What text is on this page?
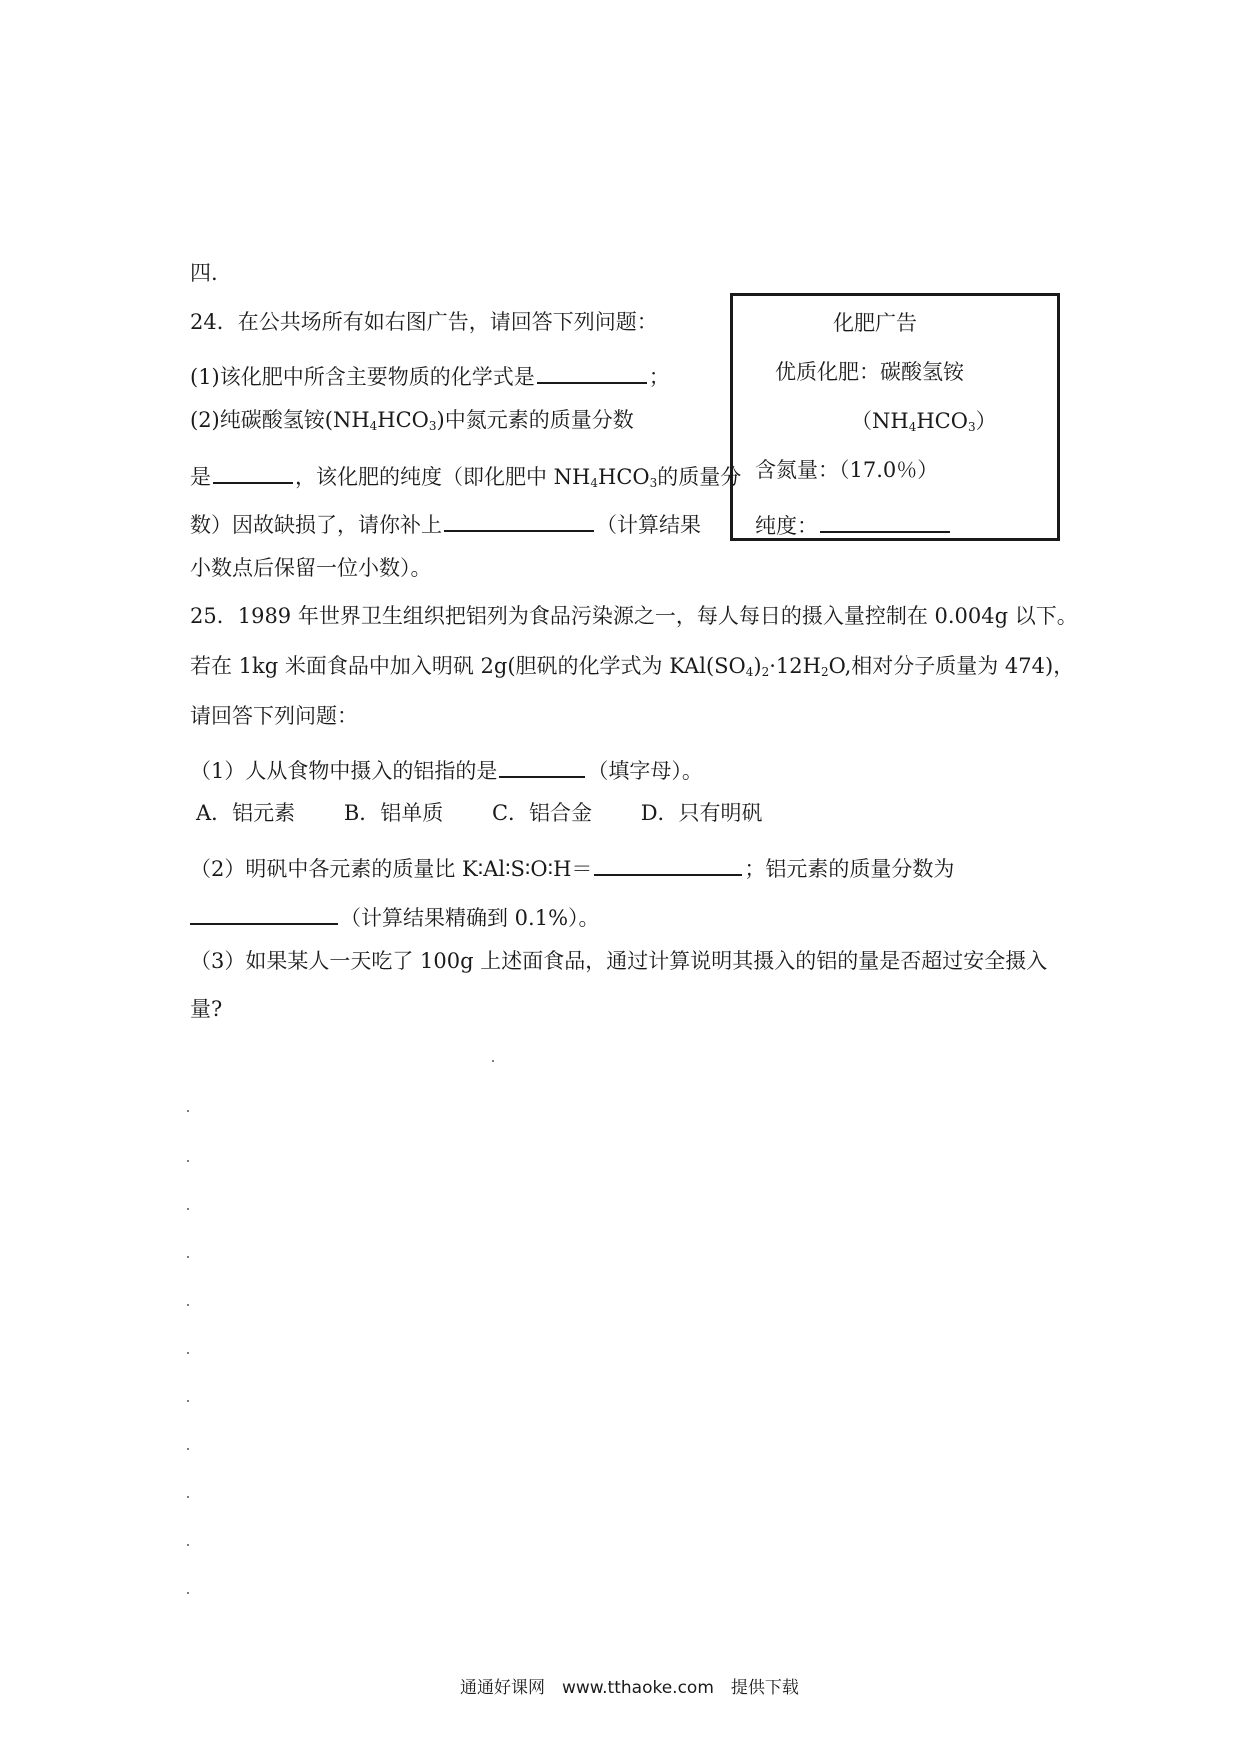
四.
24．在公共场所有如右图广告，请回答下列问题：
(1)该化肥中所含主要物质的化学式是	；
(2)纯碳酸氢铵$(NH_4HCO_3)$中氮元素的质量分数
是	，该化肥的纯度（即化肥中 $NH_4HCO_3$的质量分
数）因故缺损了，请你补上	（计算结果
小数点后保留一位小数）。
化肥广告
优质化肥：碳酸氢铵
$(NH_4HCO_3)$
含氮量：（17.0％）
纯度：
25．1989 年世界卫生组织把铝列为食品污染源之一，每人每日的摄入量控制在 0.004g 以下。
若在 1kg 米面食品中加入明矾 2g(胆矾的化学式为 $KAl(SO_4)_2\cdot 12H_2O$,相对分子质量为 474)，
请回答下列问题：
（1）人从食物中摄入的铝指的是	（填字母）。
A．铝元素　　 B．铝单质　　 C．铝合金　　 D．只有明矾
（2）明矾中各元素的质量比 K∶Al∶S∶O∶H＝	；铝元素的质量分数为
（计算结果精确到 0.1%）。
（3）如果某人一天吃了 100g 上述面食品，通过计算说明其摄入的铝的量是否超过安全摄入
量?
通通好课网　www.tthaoke.com　提供下载
